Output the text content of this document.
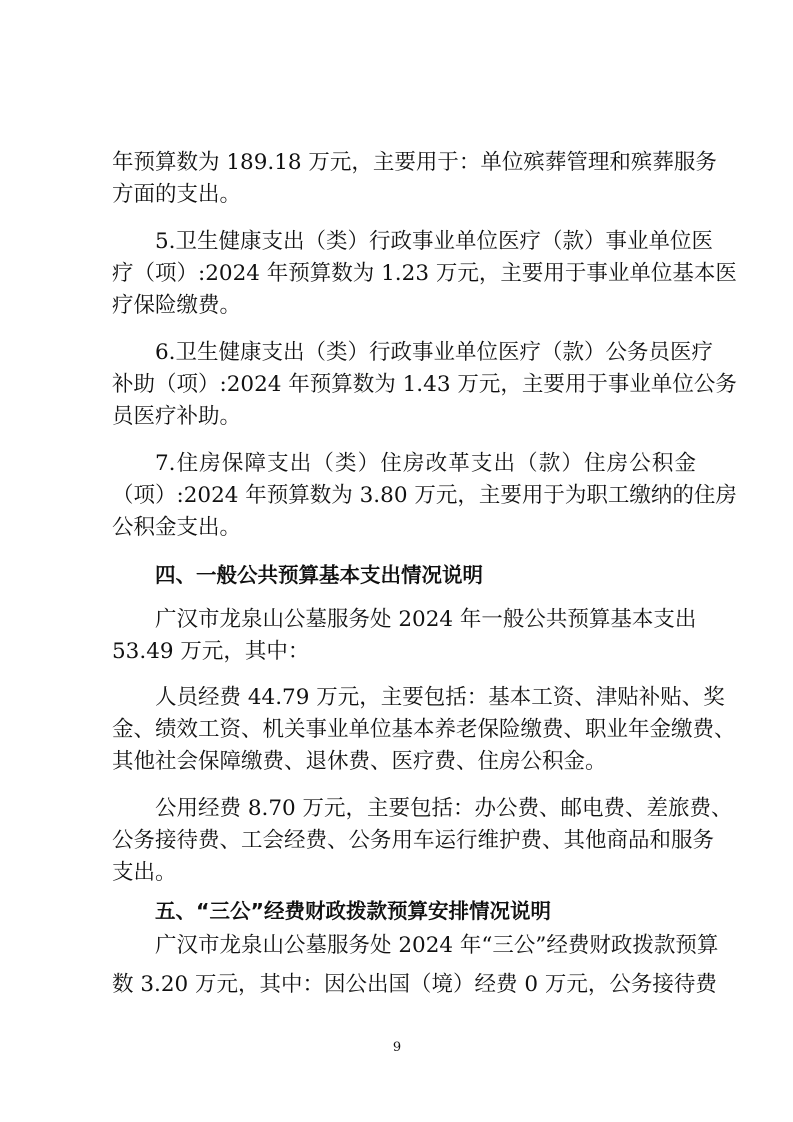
年预算数为 189.18 万元，主要用于：单位殡葬管理和殡葬服务
方面的支出。
5.卫生健康支出（类）行政事业单位医疗（款）事业单位医
疗（项）:2024 年预算数为 1.23 万元，主要用于事业单位基本医
疗保险缴费。
6.卫生健康支出（类）行政事业单位医疗（款）公务员医疗
补助（项）:2024 年预算数为 1.43 万元，主要用于事业单位公务
员医疗补助。
7.住房保障支出（类）住房改革支出（款）住房公积金
（项）:2024 年预算数为 3.80 万元，主要用于为职工缴纳的住房
公积金支出。
四、一般公共预算基本支出情况说明
广汉市龙泉山公墓服务处 2024 年一般公共预算基本支出
53.49 万元，其中：
人员经费 44.79 万元，主要包括：基本工资、津贴补贴、奖
金、绩效工资、机关事业单位基本养老保险缴费、职业年金缴费、
其他社会保障缴费、退休费、医疗费、住房公积金。
公用经费 8.70 万元，主要包括：办公费、邮电费、差旅费、
公务接待费、工会经费、公务用车运行维护费、其他商品和服务
支出。
五、“三公”经费财政拨款预算安排情况说明
广汉市龙泉山公墓服务处 2024 年“三公”经费财政拨款预算
数 3.20 万元，其中：因公出国（境）经费 0 万元，公务接待费
9
